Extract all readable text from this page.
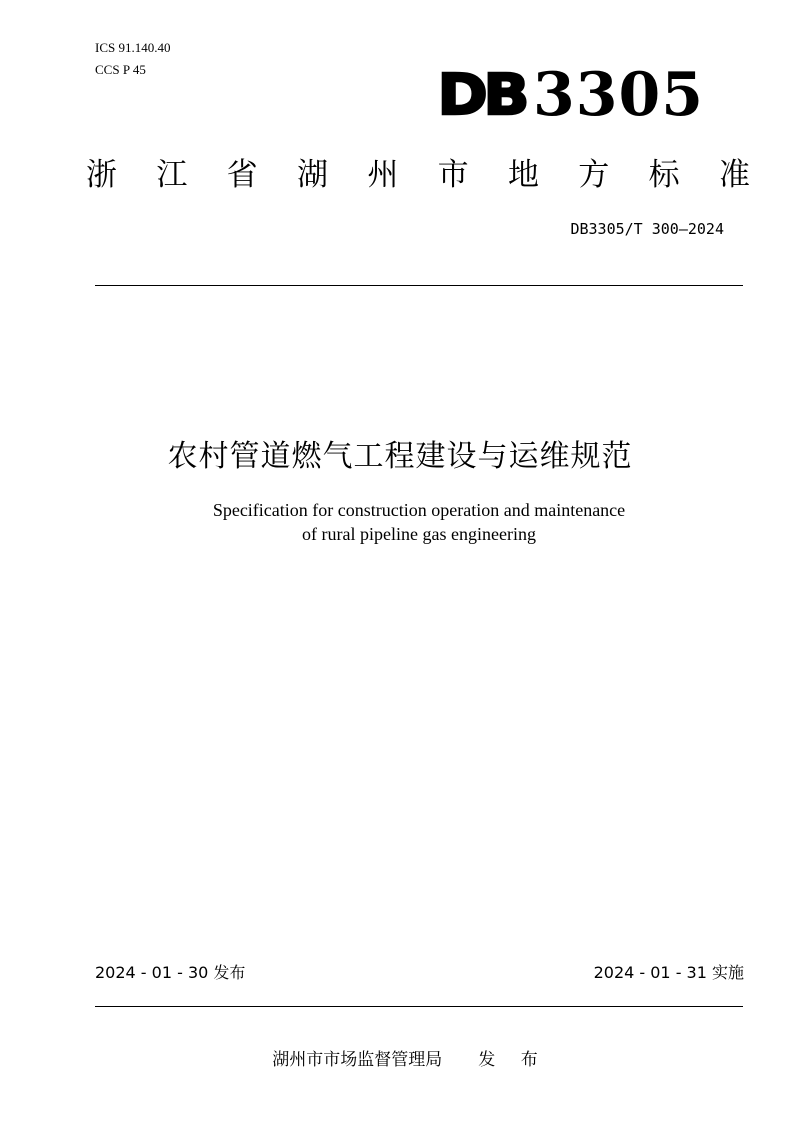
ICS 91.140.40
CCS P 45	DB 3305
浙 江 省 湖 州 市 地 方 标 准
DB3305/T 300—2024
农村管道燃气工程建设与运维规范
Specification for construction operation and maintenance
of rural pipeline gas engineering
2024 - 01 - 30 发布	2024 - 01 - 31 实施
湖州市市场监督管理局 发 布
